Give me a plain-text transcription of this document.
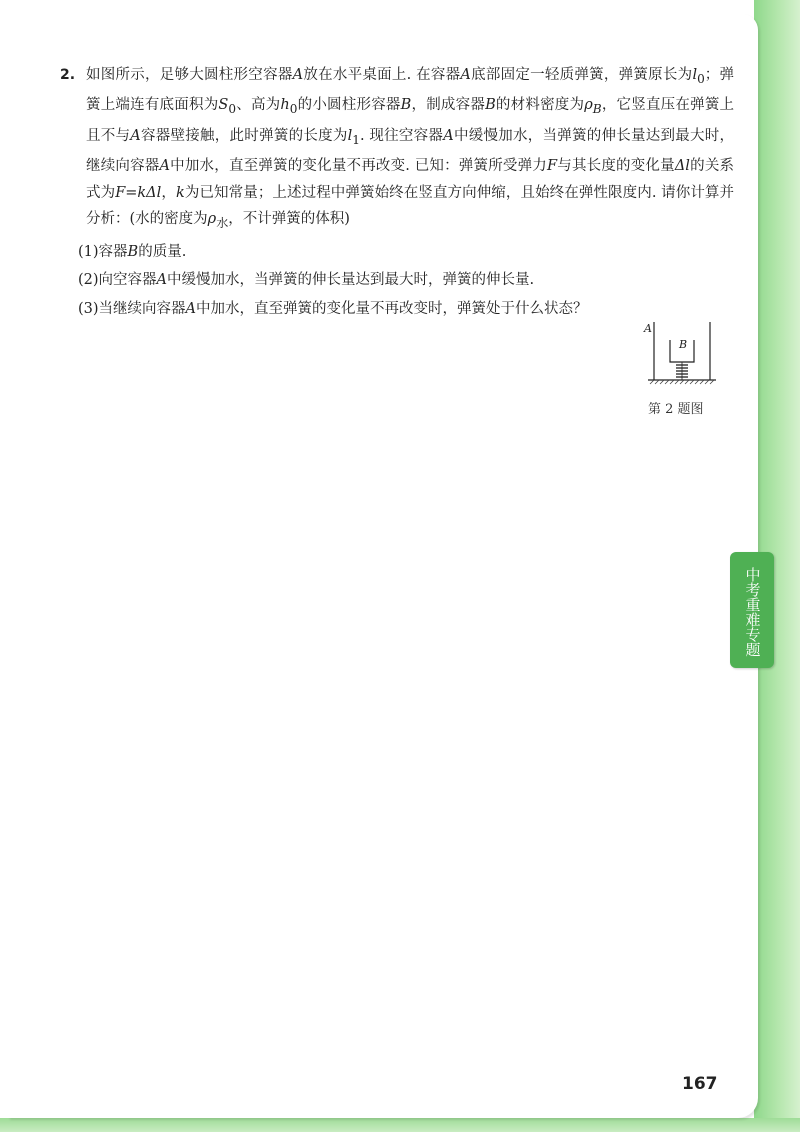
2. 如图所示，足够大圆柱形空容器A放在水平桌面上. 在容器A底部固定一轻质弹簧，弹簧原长为$l_0$；弹簧上端连有底面积为$S_0$、高为$h_0$的小圆柱形容器B，制成容器B的材料密度为$\rho_B$，它竖直压在弹簧上且不与A容器壁接触，此时弹簧的长度为$l_1$. 现往空容器A中缓慢加水，当弹簧的伸长量达到最大时，继续向容器A中加水，直至弹簧的变化量不再改变. 已知：弹簧所受弹力F与其长度的变化量Δl的关系式为F=kΔl，k为已知常量；上述过程中弹簧始终在竖直方向伸缩，且始终在弹性限度内. 请你计算并分析：(水的密度为$\rho_水$，不计弹簧的体积)
(1)容器B的质量.
(2)向空容器A中缓慢加水，当弹簧的伸长量达到最大时，弹簧的伸长量.
(3)当继续向容器A中加水，直至弹簧的变化量不再改变时，弹簧处于什么状态？
A
B
第 2 题图
中考重难专题
167
